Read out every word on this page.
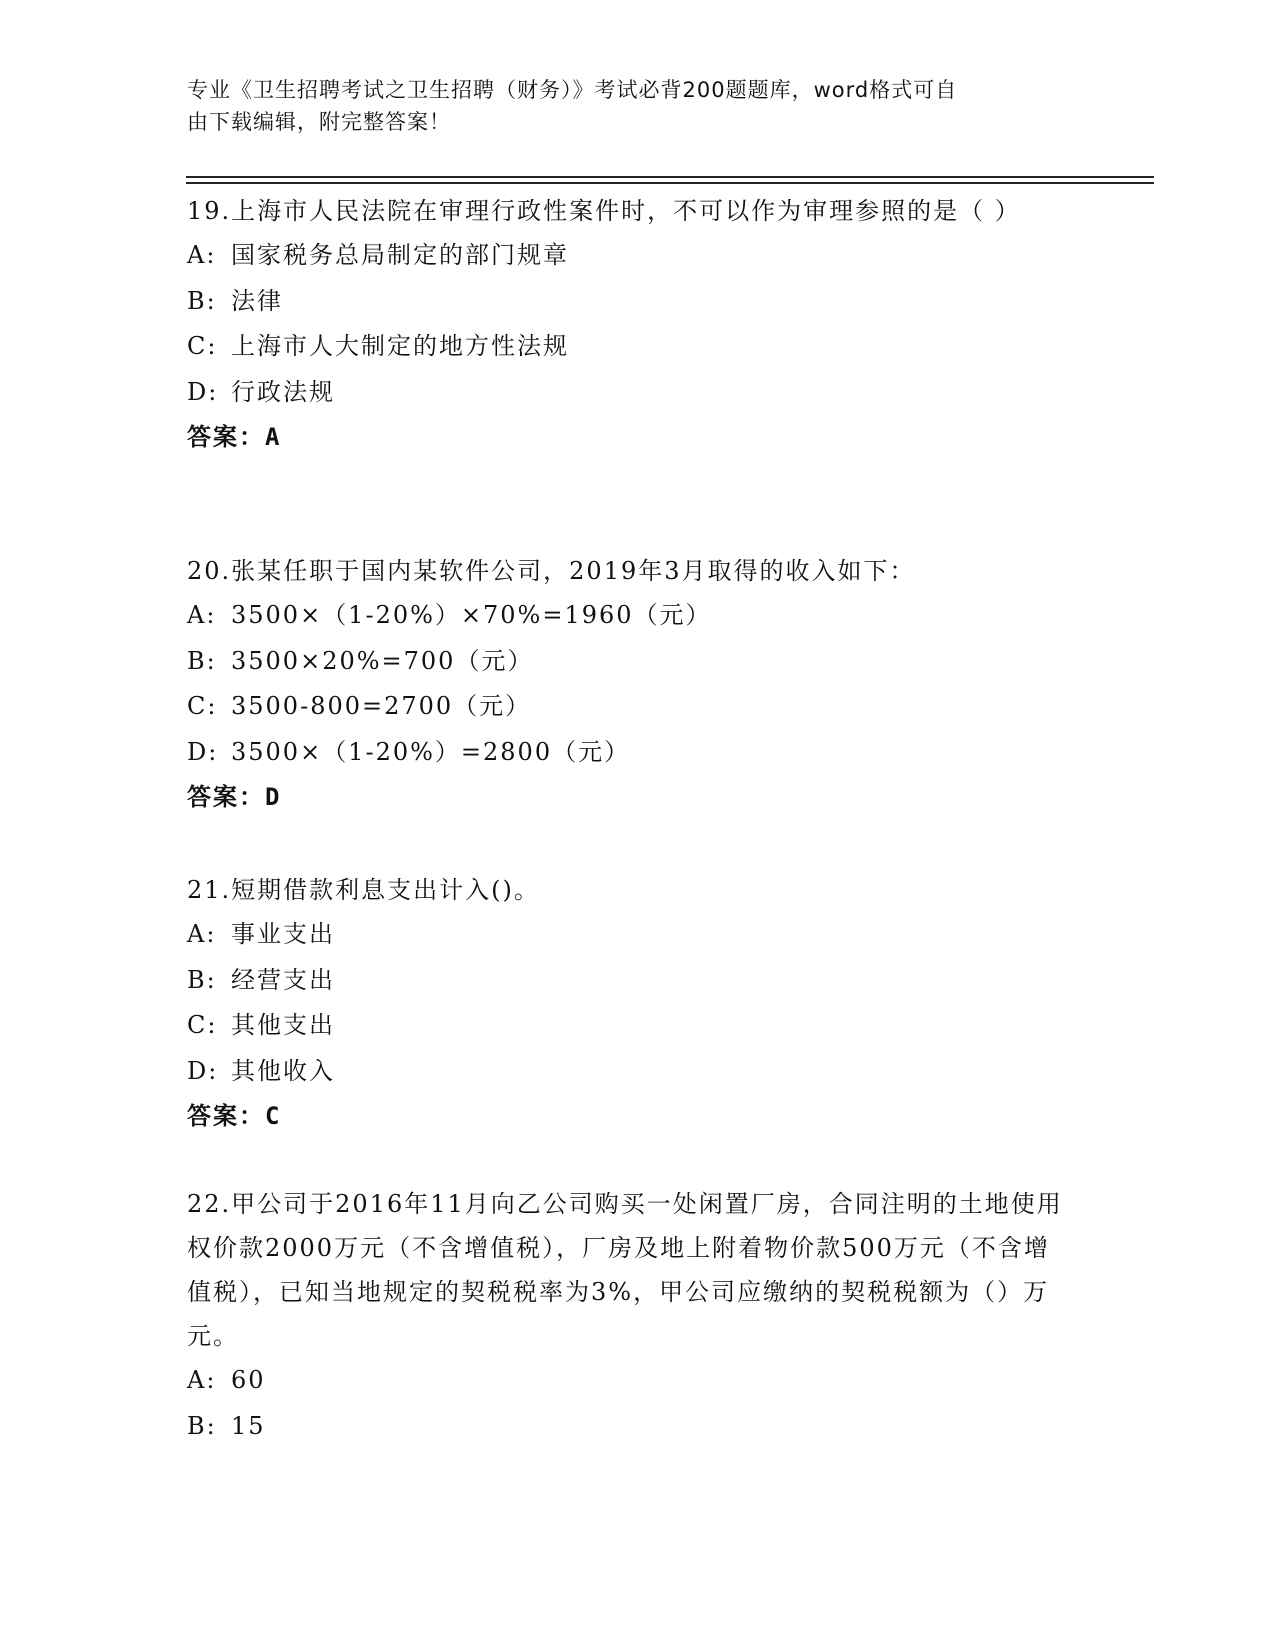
专业《卫生招聘考试之卫生招聘（财务）》考试必背200题题库，word格式可自
由下载编辑，附完整答案！

19.上海市人民法院在审理行政性案件时，不可以作为审理参照的是（ ）

A: 国家税务总局制定的部门规章
B: 法律
C: 上海市人大制定的地方性法规
D: 行政法规
答案：A

20.张某任职于国内某软件公司，2019年3月取得的收入如下：

A: 3500×（1-20%）×70%=1960（元）
B: 3500×20%=700（元）
C: 3500-800=2700（元）
D: 3500×（1-20%）=2800（元）
答案：D

21.短期借款利息支出计入()。

A: 事业支出
B: 经营支出
C: 其他支出
D: 其他收入
答案：C

22.甲公司于2016年11月向乙公司购买一处闲置厂房，合同注明的土地使用权价款2000万元（不含增值税），厂房及地上附着物价款500万元（不含增值税），已知当地规定的契税税率为3%，甲公司应缴纳的契税税额为（）万元。

A: 60
B: 15
